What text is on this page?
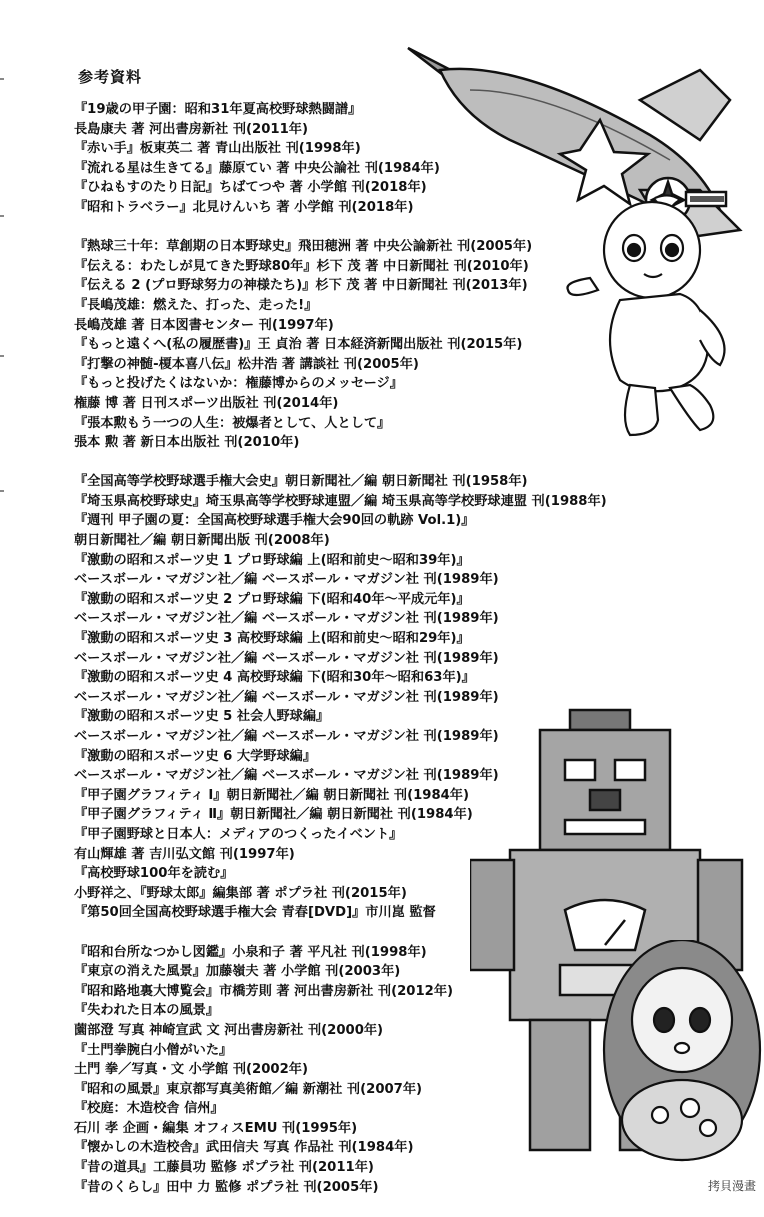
参考資料
『19歳の甲子園：昭和31年夏高校野球熱闘譜』
長島康夫 著 河出書房新社 刊(2011年)
『赤い手』板東英二 著 青山出版社 刊(1998年)
『流れる星は生きてる』藤原てい 著 中央公論社 刊(1984年)
『ひねもすのたり日記』ちばてつや 著 小学館 刊(2018年)
『昭和トラベラー』北見けんいち 著 小学館 刊(2018年)
『熱球三十年：草創期の日本野球史』飛田穂洲 著 中央公論新社 刊(2005年)
『伝える：わたしが見てきた野球80年』杉下 茂 著 中日新聞社 刊(2010年)
『伝える 2 (プロ野球努力の神様たち)』杉下 茂 著 中日新聞社 刊(2013年)
『長嶋茂雄：燃えた、打った、走った!』
長嶋茂雄 著 日本図書センター 刊(1997年)
『もっと遠くへ(私の履歴書)』王 貞治 著 日本経済新聞出版社 刊(2015年)
『打撃の神髄-榎本喜八伝』松井浩 著 講談社 刊(2005年)
『もっと投げたくはないか：権藤博からのメッセージ』
権藤 博 著 日刊スポーツ出版社 刊(2014年)
『張本勲もう一つの人生：被爆者として、人として』
張本 勲 著 新日本出版社 刊(2010年)
『全国高等学校野球選手権大会史』朝日新聞社／編 朝日新聞社 刊(1958年)
『埼玉県高校野球史』埼玉県高等学校野球連盟／編 埼玉県高等学校野球連盟 刊(1988年)
『週刊 甲子園の夏：全国高校野球選手権大会90回の軌跡 Vol.1)』
朝日新聞社／編 朝日新聞出版 刊(2008年)
『激動の昭和スポーツ史 1 プロ野球編 上(昭和前史〜昭和39年)』
ベースボール・マガジン社／編 ベースボール・マガジン社 刊(1989年)
『激動の昭和スポーツ史 2 プロ野球編 下(昭和40年〜平成元年)』
ベースボール・マガジン社／編 ベースボール・マガジン社 刊(1989年)
『激動の昭和スポーツ史 3 高校野球編 上(昭和前史〜昭和29年)』
ベースボール・マガジン社／編 ベースボール・マガジン社 刊(1989年)
『激動の昭和スポーツ史 4 高校野球編 下(昭和30年〜昭和63年)』
ベースボール・マガジン社／編 ベースボール・マガジン社 刊(1989年)
『激動の昭和スポーツ史 5 社会人野球編』
ベースボール・マガジン社／編 ベースボール・マガジン社 刊(1989年)
『激動の昭和スポーツ史 6 大学野球編』
ベースボール・マガジン社／編 ベースボール・マガジン社 刊(1989年)
『甲子園グラフィティ Ⅰ』朝日新聞社／編 朝日新聞社 刊(1984年)
『甲子園グラフィティ Ⅱ』朝日新聞社／編 朝日新聞社 刊(1984年)
『甲子園野球と日本人：メディアのつくったイベント』
有山輝雄 著 吉川弘文館 刊(1997年)
『高校野球100年を読む』
小野祥之、『野球太郎』編集部 著 ポプラ社 刊(2015年)
『第50回全国高校野球選手権大会 青春[DVD]』市川崑 監督
『昭和台所なつかし図鑑』小泉和子 著 平凡社 刊(1998年)
『東京の消えた風景』加藤嶺夫 著 小学館 刊(2003年)
『昭和路地裏大博覧会』市橋芳則 著 河出書房新社 刊(2012年)
『失われた日本の風景』
薗部澄 写真 神崎宣武 文 河出書房新社 刊(2000年)
『土門拳腕白小僧がいた』
土門 拳／写真・文 小学館 刊(2002年)
『昭和の風景』東京都写真美術館／編 新潮社 刊(2007年)
『校庭：木造校舎 信州』
石川 孝 企画・編集 オフィスEMU 刊(1995年)
『懐かしの木造校舎』武田信夫 写真 作品社 刊(1984年)
『昔の道具』工藤員功 監修 ポプラ社 刊(2011年)
『昔のくらし』田中 力 監修 ポプラ社 刊(2005年)	拷貝漫畫
